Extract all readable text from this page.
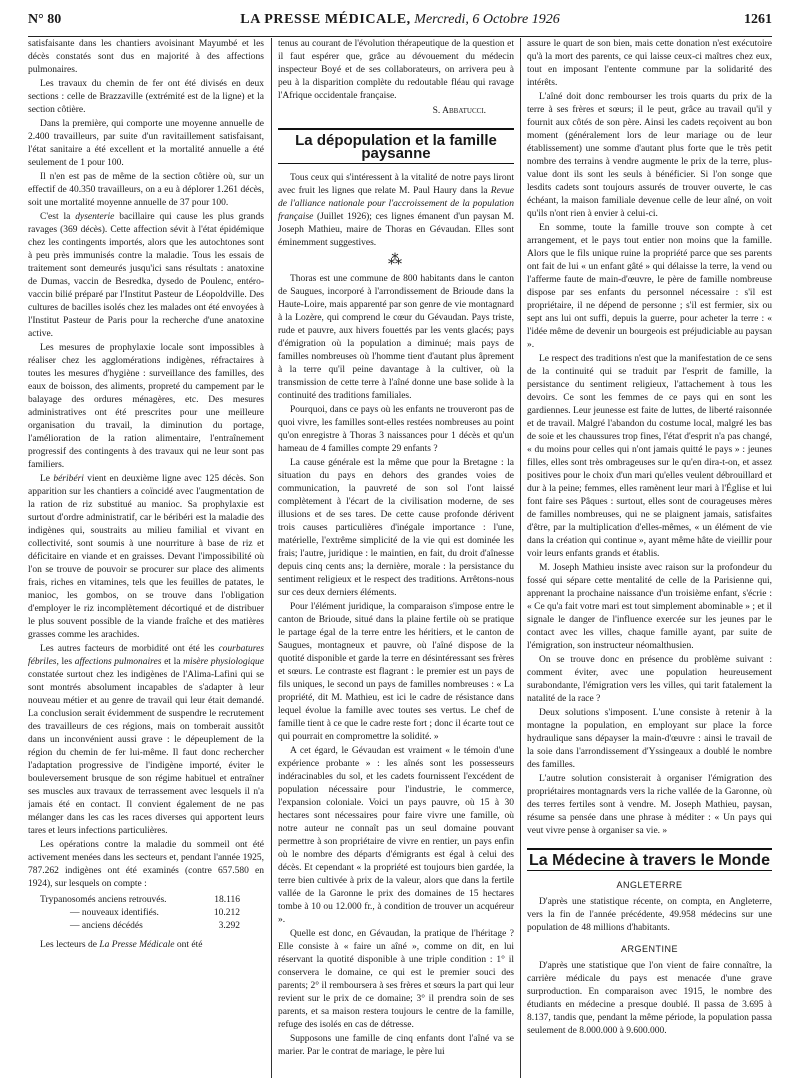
N° 80	LA PRESSE MÉDICALE, Mercredi, 6 Octobre 1926	1261

satisfaisante dans les chantiers avoisinant Mayumbé et les décès constatés sont dus en majorité à des affections pulmonaires.

Les travaux du chemin de fer ont été divisés en deux sections : celle de Brazzaville (extrémité est de la ligne) et la section côtière.

Dans la première, qui comporte une moyenne annuelle de 2.400 travailleurs, par suite d'un ravitaillement satisfaisant, l'état sanitaire a été excellent et la mortalité annuelle a été seulement de 1 pour 100.

Il n'en est pas de même de la section côtière où, sur un effectif de 40.350 travailleurs, on a eu à déplorer 1.261 décès, soit une mortalité moyenne annuelle de 37 pour 100.

C'est la dysenterie bacillaire qui cause les plus grands ravages (369 décès). Cette affection sévit à l'état épidémique chez les contingents importés, alors que les autochtones sont à peu près immunisés contre la maladie. Tous les essais de traitement sont demeurés jusqu'ici sans résultats : anatoxine de Dumas, vaccin de Besredka, dysedo de Poulenc, entéro-vaccin bilié préparé par l'Institut Pasteur de Léopoldville. Des cultures de bacilles isolés chez les malades ont été envoyées à l'Institut Pasteur de Paris pour la recherche d'une anatoxine active.

Les mesures de prophylaxie locale sont impossibles à réaliser chez les agglomérations indigènes, réfractaires à toutes les mesures d'hygiène : surveillance des familles, des eaux de boisson, des aliments, propreté du campement par le balayage des ordures ménagères, etc. Des mesures administratives ont été prescrites pour une meilleure organisation du travail, la diminution du portage, l'amélioration de la ration alimentaire, l'entraînement progressif des contingents à des travaux qui ne leur sont pas familiers.

Le béribéri vient en deuxième ligne avec 125 décès. Son apparition sur les chantiers a coïncidé avec l'augmentation de la ration de riz substitué au manioc. Sa prophylaxie est surtout d'ordre administratif, car le béribéri est la maladie des indigènes qui, soustraits au milieu familial et vivant en collectivité, sont soumis à une nourriture à base de riz et déficitaire en viande et en graisses. Devant l'impossibilité où l'on se trouve de pouvoir se procurer sur place des aliments frais, riches en vitamines, tels que les feuilles de patates, le manioc, les gombos, on se trouve dans l'obligation d'employer le riz incomplètement décortiqué et de distribuer le plus souvent possible de la viande fraîche et des matières grasses comme les arachides.

Les autres facteurs de morbidité ont été les courbatures fébriles, les affections pulmonaires et la misère physiologique constatée surtout chez les indigènes de l'Alima-Lafini qui se sont montrés absolument incapables de s'adapter à leur nouveau métier et au genre de travail qui leur était demandé. La conclusion serait évidemment de suspendre le recrutement des travailleurs de ces régions, mais on tomberait aussitôt dans un inconvénient aussi grave : le dépeuplement de la région du chemin de fer lui-même. Il faut donc rechercher l'adaptation progressive de l'indigène importé, éviter le bouleversement brusque de son régime habituel et entraîner ses muscles aux travaux de terrassement avec lesquels il n'a jamais été en contact. Il convient également de ne pas mélanger dans les cas les races diverses qui apportent leurs tares et leurs infections particulières.

Les opérations contre la maladie du sommeil ont été activement menées dans les secteurs et, pendant l'année 1925, 787.262 indigènes ont été examinés (contre 657.580 en 1924), sur lesquels on compte :

Trypanosomés anciens retrouvés.	18.116
— nouveaux identifiés.	10.212
— anciens décédés	3.292

Les lecteurs de La Presse Médicale ont été

tenus au courant de l'évolution thérapeutique de la question et il faut espérer que, grâce au dévouement du médecin inspecteur Boyé et de ses collaborateurs, on arrivera peu à peu à la disparition complète du redoutable fléau qui ravage l'Afrique occidentale française.

S. Abbatucci.
La dépopulation et la famille paysanne

Tous ceux qui s'intéressent à la vitalité de notre pays liront avec fruit les lignes que relate M. Paul Haury dans la Revue de l'alliance nationale pour l'accroissement de la population française (Juillet 1926); ces lignes émanent d'un paysan M. Joseph Mathieu, maire de Thoras en Gévaudan. Elles sont éminemment suggestives.

⁂

Thoras est une commune de 800 habitants dans le canton de Saugues, incorporé à l'arrondissement de Brioude dans la Haute-Loire, mais apparenté par son genre de vie montagnard à la Lozère, qui comprend le cœur du Gévaudan. Pays triste, rude et pauvre, aux hivers fouettés par les vents glacés; pays d'émigration où la population a diminué; mais pays de familles nombreuses où l'homme tient d'autant plus âprement à la terre qu'il peine davantage à la cultiver, où la transmission de cette terre à l'aîné donne une base solide à la continuité des traditions familiales.

Pourquoi, dans ce pays où les enfants ne trouveront pas de quoi vivre, les familles sont-elles restées nombreuses au point qu'on enregistre à Thoras 3 naissances pour 1 décès et qu'un hameau de 4 familles compte 29 enfants ?

La cause générale est la même que pour la Bretagne : la situation du pays en dehors des grandes voies de communication, la pauvreté de son sol l'ont laissé complètement à l'écart de la civilisation moderne, de ses illusions et de ses tares. De cette cause profonde dérivent trois causes particulières d'inégale importance : l'une, matérielle, l'extrême simplicité de la vie qui est dominée les frais; l'autre, juridique : le maintien, en fait, du droit d'aînesse depuis cinq cents ans; la dernière, morale : la persistance du sentiment religieux et le respect des traditions. Arrêtons-nous sur ces deux derniers éléments.

Pour l'élément juridique, la comparaison s'impose entre le canton de Brioude, situé dans la plaine fertile où se pratique le partage égal de la terre entre les héritiers, et le canton de Saugues, montagneux et pauvre, où l'aîné dispose de la quotité disponible et garde la terre en désintéressant ses frères et sœurs. Le contraste est flagrant : le premier est un pays de fils uniques, le second un pays de familles nombreuses : « La propriété, dit M. Mathieu, est ici le cadre de résistance dans lequel évolue la famille avec toutes ses vertus. Le chef de famille tient à ce que le cadre reste fort ; donc il écarte tout ce qui pourrait en compromettre la solidité. »

A cet égard, le Gévaudan est vraiment « le témoin d'une expérience probante » : les aînés sont les possesseurs indéracinables du sol, et les cadets fournissent l'excédent de population nécessaire pour l'industrie, le commerce, l'expansion coloniale. Voici un pays pauvre, où 15 à 30 hectares sont nécessaires pour faire vivre une famille, où notre auteur ne connaît pas un seul domaine pouvant permettre à son propriétaire de vivre en rentier, un pays enfin où le nombre des départs d'émigrants est égal à celui des décès. Et cependant « la propriété est toujours bien gardée, la terre bien cultivée à prix de la valeur, alors que dans la fertile vallée de la Garonne le prix des domaines de 15 hectares tombe à 10 ou 12.000 fr., à condition de trouver un acquéreur ».

Quelle est donc, en Gévaudan, la pratique de l'héritage ? Elle consiste à « faire un aîné », comme on dit, en lui réservant la quotité disponible à une triple condition : 1° il conservera le domaine, ce qui est le premier souci des parents; 2° il remboursera à ses frères et sœurs la part qui leur revient sur le prix de ce domaine; 3° il prendra soin de ses parents, et sa maison restera toujours le centre de la famille, refuge des isolés en cas de détresse.

Supposons une famille de cinq enfants dont l'aîné va se marier. Par le contrat de mariage, le père lui

assure le quart de son bien, mais cette donation n'est exécutoire qu'à la mort des parents, ce qui laisse ceux-ci maîtres chez eux, tout en imposant l'entente commune par la solidarité des intérêts.

L'aîné doit donc rembourser les trois quarts du prix de la terre à ses frères et sœurs; il le peut, grâce au travail qu'il y fournit aux côtés de son père. Ainsi les cadets reçoivent au bon moment (généralement lors de leur mariage ou de leur établissement) une somme d'autant plus forte que le très petit nombre des terrains à vendre augmente le prix de la terre, plus-value dont ils sont les seuls à bénéficier. Si l'on songe que lesdits cadets sont toujours assurés de trouver ouverte, le cas échéant, la maison familiale devenue celle de leur aîné, on voit qu'ils n'ont rien à envier à celui-ci.

En somme, toute la famille trouve son compte à cet arrangement, et le pays tout entier non moins que la famille. Alors que le fils unique ruine la propriété parce que ses parents ont fait de lui « un enfant gâté » qui délaisse la terre, la vend ou l'afferme faute de main-d'œuvre, le père de famille nombreuse dispose par ses enfants du personnel nécessaire : s'il est propriétaire, il ne dépend de personne ; s'il est fermier, six ou sept ans lui ont suffi, depuis la guerre, pour acheter la terre : « l'idée même de devenir un bourgeois est préjudiciable au paysan ».

Le respect des traditions n'est que la manifestation de ce sens de la continuité qui se traduit par l'esprit de famille, la persistance du sentiment religieux, l'attachement à tous les devoirs. Ce sont les femmes de ce pays qui en sont les gardiennes. Leur jeunesse est faite de luttes, de liberté raisonnée et de travail. Malgré l'abandon du costume local, malgré les bas de soie et les chaussures trop fines, l'état d'esprit n'a pas changé, « du moins pour celles qui n'ont jamais quitté le pays » : jeunes filles, elles sont très ombrageuses sur le qu'en dira-t-on, et assez positives pour le choix d'un mari qu'elles veulent débrouillard et dur à la peine; femmes, elles ramènent leur mari à l'Église et lui font faire ses Pâques : surtout, elles sont de courageuses mères de familles nombreuses, qui ne se plaignent jamais, satisfaites d'être, par la multiplication d'elles-mêmes, « un élément de vie dans la création qui continue », ayant même hâte de vieillir pour voir leurs enfants grands et établis.

M. Joseph Mathieu insiste avec raison sur la profondeur du fossé qui sépare cette mentalité de celle de la Parisienne qui, apprenant la prochaine naissance d'un troisième enfant, s'écrie : « Ce qu'a fait votre mari est tout simplement abominable » ; et il signale le danger de l'influence exercée sur les jeunes par le contact avec les villes, chaque famille ayant, par suite de l'émigration, son instructeur néomalthusien.

On se trouve donc en présence du problème suivant : comment éviter, avec une population heureusement surabondante, l'émigration vers les villes, qui tarit fatalement la natalité de la race ?

Deux solutions s'imposent. L'une consiste à retenir à la montagne la population, en employant sur place la force hydraulique sans dépayser la main-d'œuvre : ainsi le travail de la soie dans l'arrondissement d'Yssingeaux a doublé le nombre des familles.

L'autre solution consisterait à organiser l'émigration des propriétaires montagnards vers la riche vallée de la Garonne, où des terres fertiles sont à vendre. M. Joseph Mathieu, paysan, résume sa pensée dans une phrase à méditer : « Un pays qui veut vivre pense à organiser sa vie. »

La Médecine à travers le Monde
ANGLETERRE

D'après une statistique récente, on compta, en Angleterre, vers la fin de l'année précédente, 49.958 médecins sur une population de 48 millions d'habitants.

ARGENTINE

D'après une statistique que l'on vient de faire connaître, la carrière médicale du pays est menacée d'une grave surproduction. En comparaison avec 1915, le nombre des étudiants en médecine a presque doublé. Il passa de 3.695 à 8.137, tandis que, pendant la même période, la population passa seulement de 8.000.000 à 9.600.000.
